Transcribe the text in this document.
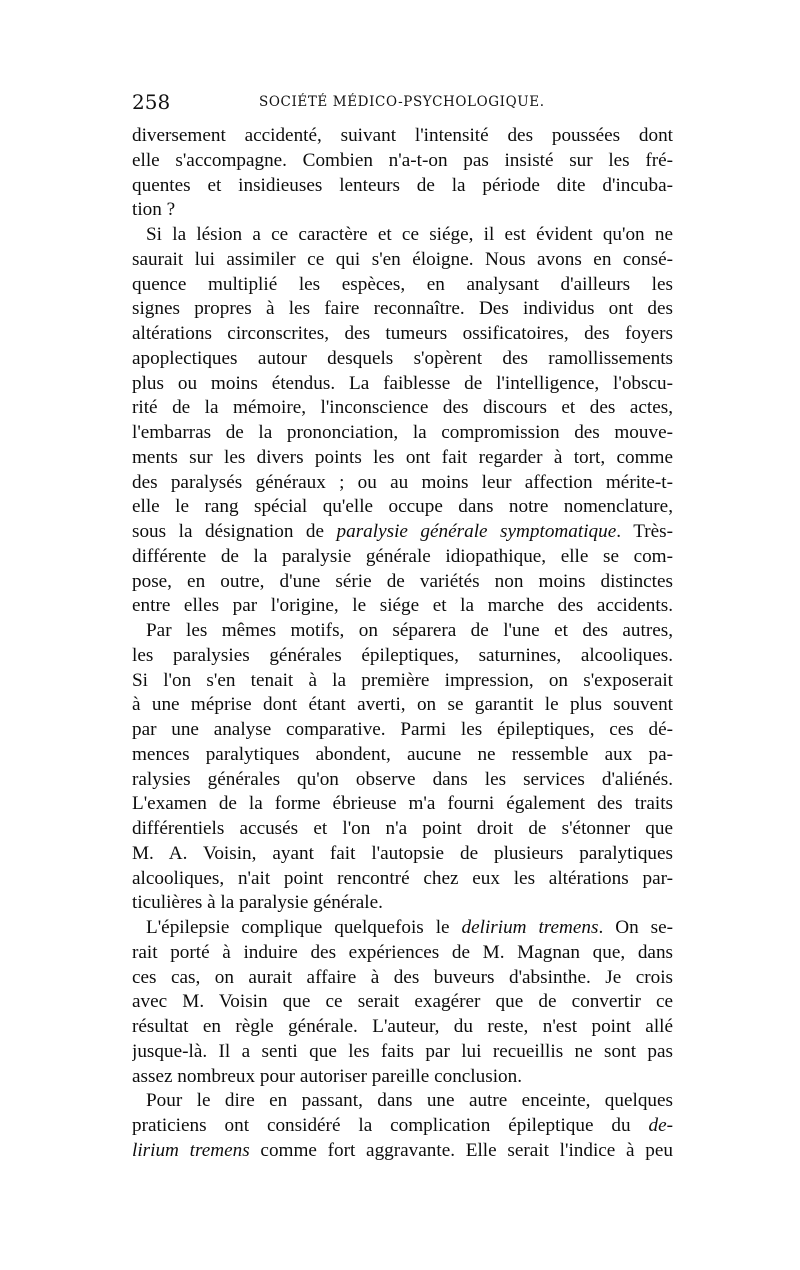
258	SOCIÉTÉ MÉDICO-PSYCHOLOGIQUE.
diversement accidenté, suivant l'intensité des poussées dont
elle s'accompagne. Combien n'a-t-on pas insisté sur les fré-
quentes et insidieuses lenteurs de la période dite d'incuba-
tion ?
Si la lésion a ce caractère et ce siége, il est évident qu'on ne
saurait lui assimiler ce qui s'en éloigne. Nous avons en consé-
quence multiplié les espèces, en analysant d'ailleurs les
signes propres à les faire reconnaître. Des individus ont des
altérations circonscrites, des tumeurs ossificatoires, des foyers
apoplectiques autour desquels s'opèrent des ramollissements
plus ou moins étendus. La faiblesse de l'intelligence, l'obscu-
rité de la mémoire, l'inconscience des discours et des actes,
l'embarras de la prononciation, la compromission des mouve-
ments sur les divers points les ont fait regarder à tort, comme
des paralysés généraux ; ou au moins leur affection mérite-t-
elle le rang spécial qu'elle occupe dans notre nomenclature,
sous la désignation de paralysie générale symptomatique. Très-
différente de la paralysie générale idiopathique, elle se com-
pose, en outre, d'une série de variétés non moins distinctes
entre elles par l'origine, le siége et la marche des accidents.
Par les mêmes motifs, on séparera de l'une et des autres,
les paralysies générales épileptiques, saturnines, alcooliques.
Si l'on s'en tenait à la première impression, on s'exposerait
à une méprise dont étant averti, on se garantit le plus souvent
par une analyse comparative. Parmi les épileptiques, ces dé-
mences paralytiques abondent, aucune ne ressemble aux pa-
ralysies générales qu'on observe dans les services d'aliénés.
L'examen de la forme ébrieuse m'a fourni également des traits
différentiels accusés et l'on n'a point droit de s'étonner que
M. A. Voisin, ayant fait l'autopsie de plusieurs paralytiques
alcooliques, n'ait point rencontré chez eux les altérations par-
ticulières à la paralysie générale.
L'épilepsie complique quelquefois le delirium tremens. On se-
rait porté à induire des expériences de M. Magnan que, dans
ces cas, on aurait affaire à des buveurs d'absinthe. Je crois
avec M. Voisin que ce serait exagérer que de convertir ce
résultat en règle générale. L'auteur, du reste, n'est point allé
jusque-là. Il a senti que les faits par lui recueillis ne sont pas
assez nombreux pour autoriser pareille conclusion.
Pour le dire en passant, dans une autre enceinte, quelques
praticiens ont considéré la complication épileptique du de-
lirium tremens comme fort aggravante. Elle serait l'indice à peu
